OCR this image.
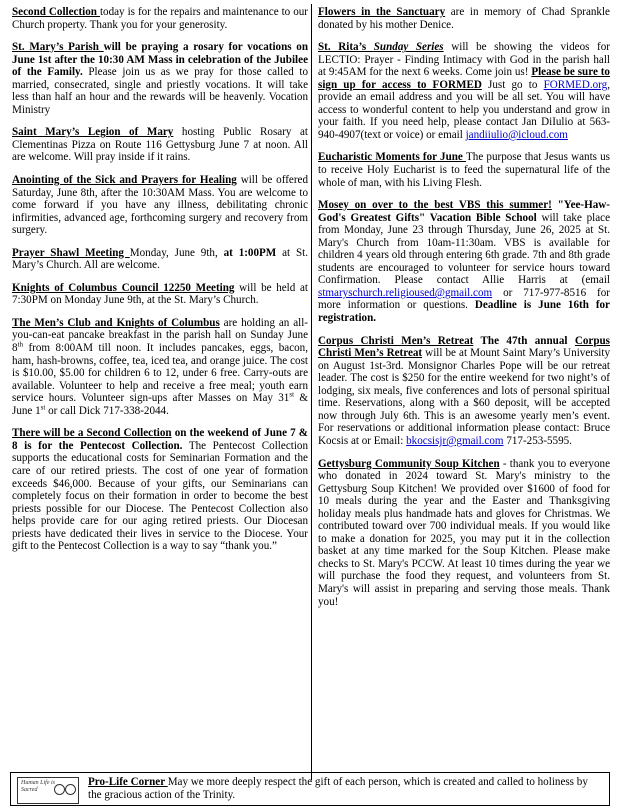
Second Collection today is for the repairs and maintenance to our Church property. Thank you for your generosity.

St. Mary’s Parish will be praying a rosary for vocations on June 1st after the 10:30 AM Mass in celebration of the Jubilee of the Family. Please join us as we pray for those called to married, consecrated, single and priestly vocations. It will take less than half an hour and the rewards will be heavenly. Vocation Ministry

Saint Mary’s Legion of Mary hosting Public Rosary at Clementinas Pizza on Route 116 Gettysburg June 7 at noon. All are welcome. Will pray inside if it rains.

Anointing of the Sick and Prayers for Healing will be offered Saturday, June 8th, after the 10:30AM Mass. You are welcome to come forward if you have any illness, debilitating chronic infirmities, advanced age, forthcoming surgery and recovery from surgery.

Prayer Shawl Meeting Monday, June 9th, at 1:00PM at St. Mary’s Church. All are welcome.

Knights of Columbus Council 12250 Meeting will be held at 7:30PM on Monday June 9th, at the St. Mary’s Church.

The Men’s Club and Knights of Columbus are holding an all-you-can-eat pancake breakfast in the parish hall on Sunday June 8th from 8:00AM till noon. It includes pancakes, eggs, bacon, ham, hash-browns, coffee, tea, iced tea, and orange juice. The cost is $10.00, $5.00 for children 6 to 12, under 6 free. Carry-outs are available. Volunteer to help and receive a free meal; youth earn service hours. Volunteer sign-ups after Masses on May 31st & June 1st or call Dick 717-338-2044.

There will be a Second Collection on the weekend of June 7 & 8 is for the Pentecost Collection. The Pentecost Collection supports the educational costs for Seminarian Formation and the care of our retired priests. The cost of one year of formation exceeds $46,000. Because of your gifts, our Seminarians can completely focus on their formation in order to become the best priests possible for our Diocese. The Pentecost Collection also helps provide care for our aging retired priests. Our Diocesan priests have dedicated their lives in service to the Diocese. Your gift to the Pentecost Collection is a way to say “thank you.”

Flowers in the Sanctuary are in memory of Chad Sprankle donated by his mother Denice.

St. Rita’s Sunday Series will be showing the videos for LECTIO: Prayer - Finding Intimacy with God in the parish hall at 9:45AM for the next 6 weeks. Come join us! Please be sure to sign up for access to FORMED Just go to FORMED.org, provide an email address and you will be all set. You will have access to wonderful content to help you understand and grow in your faith. If you need help, please contact Jan DiIulio at 563-940-4907(text or voice) or email jandiiulio@icloud.com

Eucharistic Moments for June The purpose that Jesus wants us to receive Holy Eucharist is to feed the supernatural life of the whole of man, with his Living Flesh.

Mosey on over to the best VBS this summer! "Yee-Haw-God's Greatest Gifts" Vacation Bible School will take place from Monday, June 23 through Thursday, June 26, 2025 at St. Mary's Church from 10am-11:30am. VBS is available for children 4 years old through entering 6th grade. 7th and 8th grade students are encouraged to volunteer for service hours toward Confirmation. Please contact Allie Harris at (email stmaryschurch.religioused@gmail.com or 717-977-8516 for more information or questions. Deadline is June 16th for registration.

Corpus Christi Men’s Retreat The 47th annual Corpus Christi Men’s Retreat will be at Mount Saint Mary’s University on August 1st-3rd. Monsignor Charles Pope will be our retreat leader. The cost is $250 for the entire weekend for two night’s of lodging, six meals, five conferences and lots of personal spiritual time. Reservations, along with a $60 deposit, will be accepted now through July 6th. This is an awesome yearly men’s event. For reservations or additional information please contact: Bruce Kocsis at or Email: bkocsisjr@gmail.com 717-253-5595.

Gettysburg Community Soup Kitchen - thank you to everyone who donated in 2024 toward St. Mary's ministry to the Gettysburg Soup Kitchen! We provided over $1600 of food for 10 meals during the year and the Easter and Thanksgiving holiday meals plus handmade hats and gloves for Christmas. We contributed toward over 700 individual meals. If you would like to make a donation for 2025, you may put it in the collection basket at any time marked for the Soup Kitchen. Please make checks to St. Mary's PCCW. At least 10 times during the year we will purchase the food they request, and volunteers from St. Mary's will assist in preparing and serving those meals. Thank you!

Human Life is Sacred
Pro-Life Corner May we more deeply respect the gift of each person, which is created and called to holiness by the gracious action of the Trinity.
